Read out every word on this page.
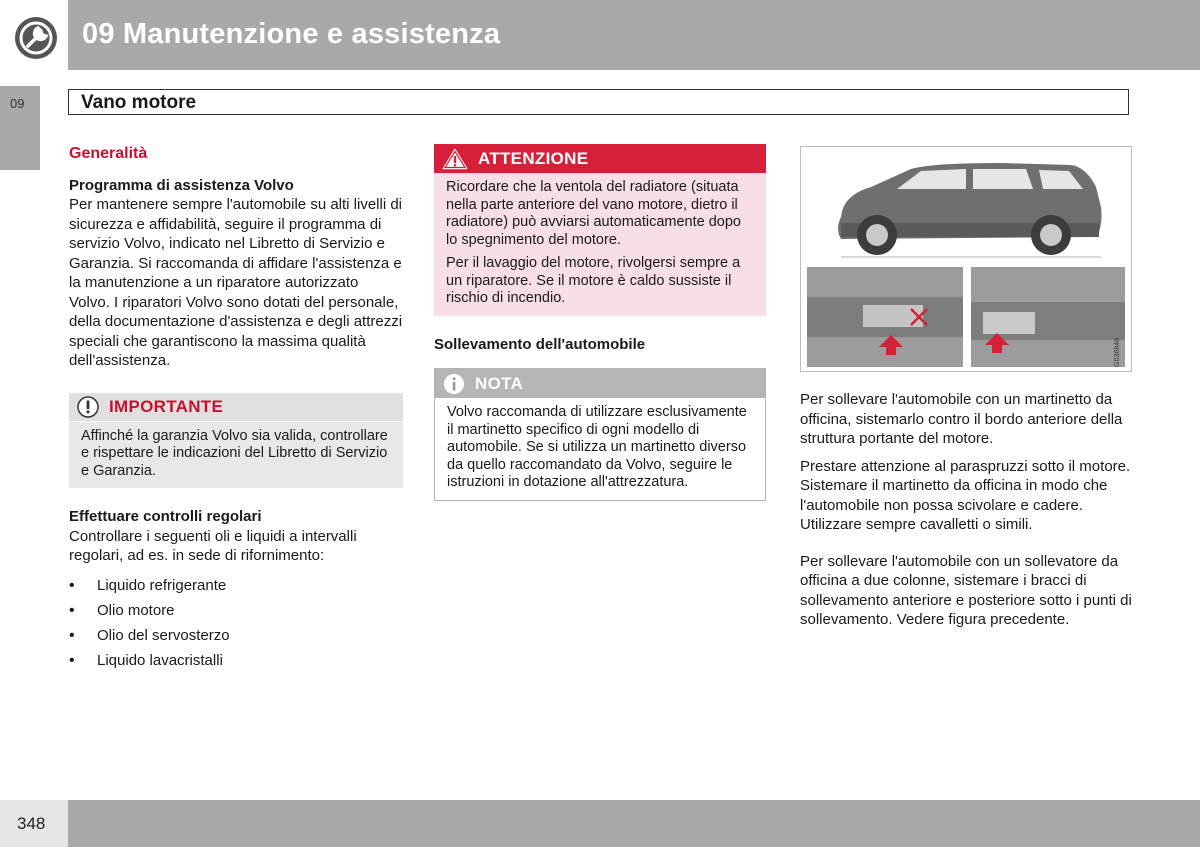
09 Manutenzione e assistenza
09	Vano motore
Generalità
Programma di assistenza Volvo

Per mantenere sempre l'automobile su alti livelli di sicurezza e affidabilità, seguire il programma di servizio Volvo, indicato nel Libretto di Servizio e Garanzia. Si raccomanda di affidare l'assistenza e la manutenzione a un riparatore autorizzato Volvo. I riparatori Volvo sono dotati del personale, della documentazione d'assistenza e degli attrezzi speciali che garantiscono la massima qualità dell'assistenza.

IMPORTANTE
Affinché la garanzia Volvo sia valida, controllare e rispettare le indicazioni del Libretto di Servizio e Garanzia.
Effettuare controlli regolari

Controllare i seguenti oli e liquidi a intervalli regolari, ad es. in sede di rifornimento:

• Liquido refrigerante
• Olio motore
• Olio del servosterzo
• Liquido lavacristalli
ATTENZIONE

Ricordare che la ventola del radiatore (situata nella parte anteriore del vano motore, dietro il radiatore) può avviarsi automaticamente dopo lo spegnimento del motore.

Per il lavaggio del motore, rivolgersi sempre a un riparatore. Se il motore è caldo sussiste il rischio di incendio.

Sollevamento dell'automobile
NOTA
Volvo raccomanda di utilizzare esclusivamente il martinetto specifico di ogni modello di automobile. Se si utilizza un martinetto diverso da quello raccomandato da Volvo, seguire le istruzioni in dotazione all'attrezzatura.
G036848

Per sollevare l'automobile con un martinetto da officina, sistemarlo contro il bordo anteriore della struttura portante del motore.

Prestare attenzione al paraspruzzi sotto il motore. Sistemare il martinetto da officina in modo che l'automobile non possa scivolare e cadere. Utilizzare sempre cavalletti o simili.

Per sollevare l'automobile con un sollevatore da officina a due colonne, sistemare i bracci di sollevamento anteriore e posteriore sotto i punti di sollevamento. Vedere figura precedente.

348
